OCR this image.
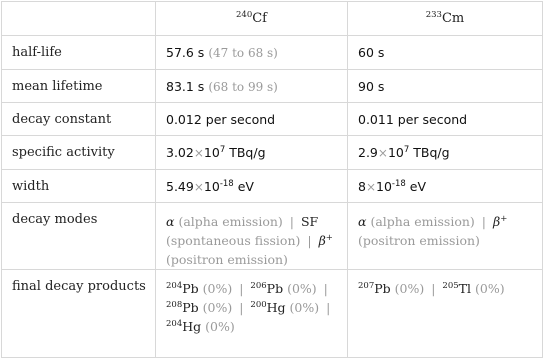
	$^{240}$Cf	$^{233}$Cm
half-life	57.6 s (47 to 68 s)	60 s
mean lifetime	83.1 s (68 to 99 s)	90 s
decay constant	0.012 per second	0.011 per second
specific activity	$3.02\times 10^7$ TBq/g	$2.9\times 10^7$ TBq/g
width	$5.49\times 10^{-18}$ eV	$8\times 10^{-18}$ eV
decay modes	α (alpha emission) | SF (spontaneous fission) | β+ (positron emission)	α (alpha emission) | β+ (positron emission)
final decay products	$^{204}$Pb (0%) | $^{206}$Pb (0%) | $^{208}$Pb (0%) | $^{200}$Hg (0%) | $^{204}$Hg (0%)	$^{207}$Pb (0%) | $^{205}$Tl (0%)
